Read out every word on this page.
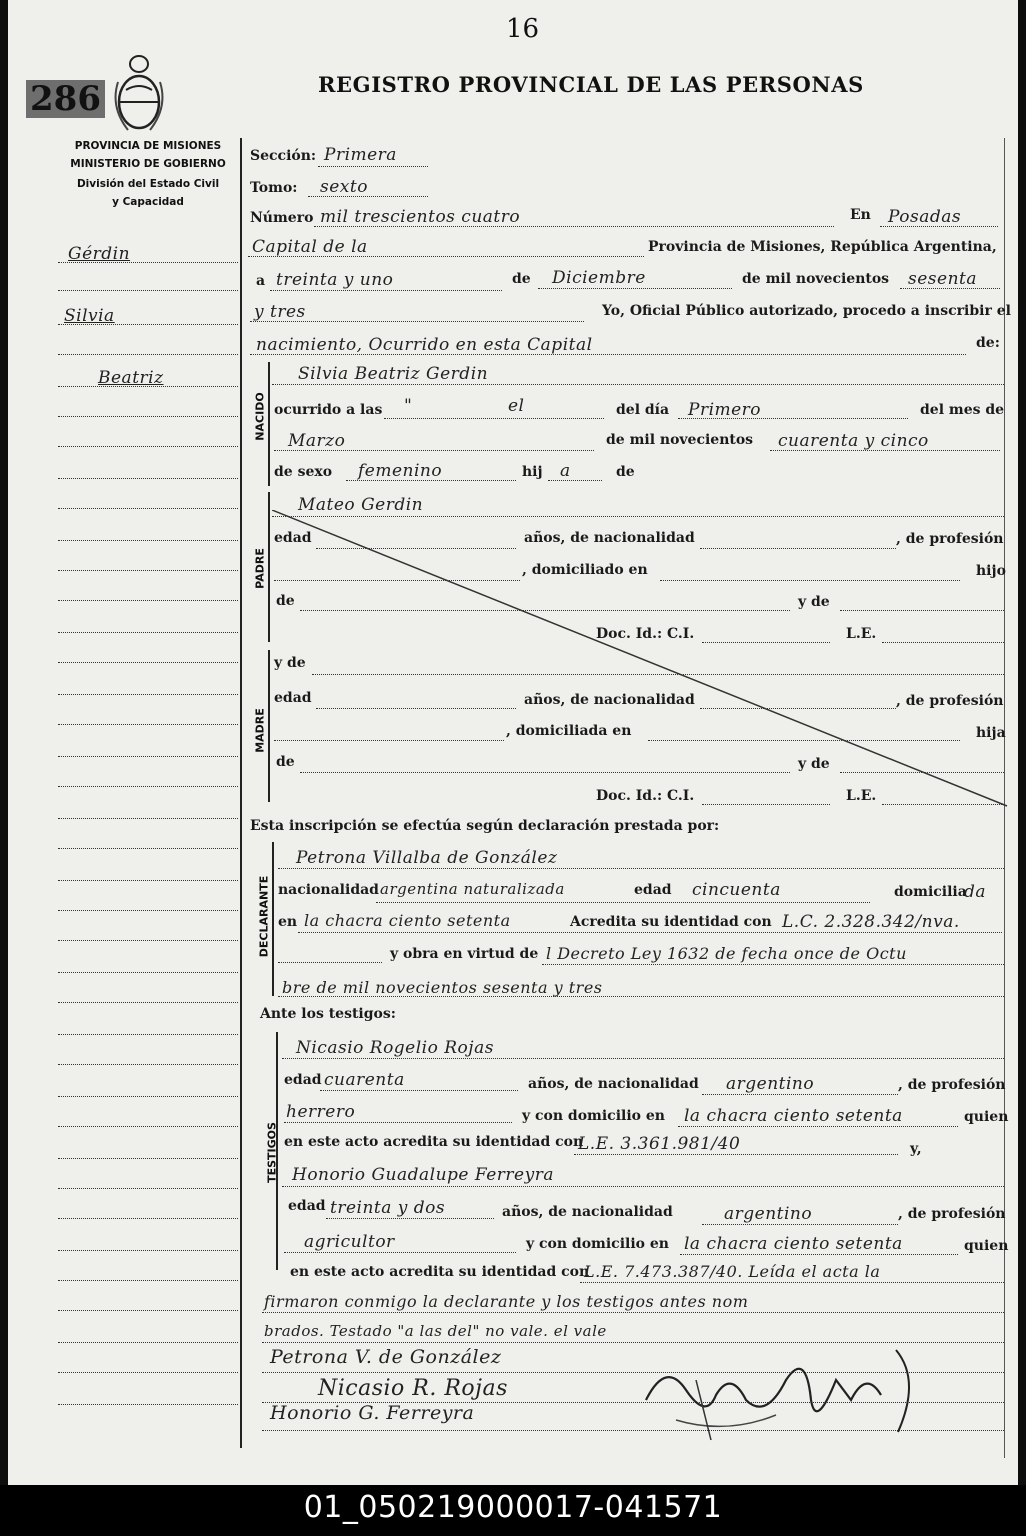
16
286	REGISTRO PROVINCIAL DE LAS PERSONAS
PROVINCIA DE MISIONES
MINISTERIO DE GOBIERNO
División del Estado Civil
y Capacidad
Gérdin
Silvia
Beatriz
Sección: Primera
Tomo: sexto
Número mil trescientos cuatro	En Posadas
Capital de la	Provincia de Misiones, República Argentina,
a treinta y uno	de Diciembre	de mil novecientos sesenta
y tres	Yo, Oficial Público autorizado, procedo a inscribir el
nacimiento, Ocurrido en esta Capital	de:
NACIDO
Silvia Beatriz Gerdin
ocurrido a las "	el	del día Primero	del mes de
Marzo	de mil novecientos cuarenta y cinco
de sexo femenino	hij a	de
PADRE
Mateo Gerdin
edad	años, de nacionalidad	, de profesión
, domiciliado en	hijo
de	y de
Doc. Id.: C.I.	L.E.
MADRE
y de
edad	años, de nacionalidad	, de profesión
, domiciliada en	hija
de	y de
Doc. Id.: C.I.	L.E.
Esta inscripción se efectúa según declaración prestada por:
DECLARANTE
Petrona Villalba de González
nacionalidad argentina naturalizada	edad cincuenta	domicilia
da
en la chacra ciento setenta	Acredita su identidad con L.C. 2.328.342/nva.
y obra en virtud de l Decreto Ley 1632 de fecha once de Octu
bre de mil novecientos sesenta y tres
Ante los testigos:
TESTIGOS
Nicasio Rogelio Rojas
edad cuarenta	años, de nacionalidad argentino	, de profesión
herrero	y con domicilio en la chacra ciento setenta	quien
en este acto acredita su identidad con
L.E. 3.361.981/40	y,
Honorio Guadalupe Ferreyra
edad treinta y dos	años, de nacionalidad	argentino	, de profesión
agricultor	y con domicilio en la chacra ciento setenta	quien
en este acto acredita su identidad con
L.E. 7.473.387/40. Leída el acta la
firmaron conmigo la declarante y los testigos antes nom
brados. Testado "a las del" no vale. el vale
Petrona V. de González
Nicasio R. Rojas
Honorio G. Ferreyra
01_050219000017-041571
